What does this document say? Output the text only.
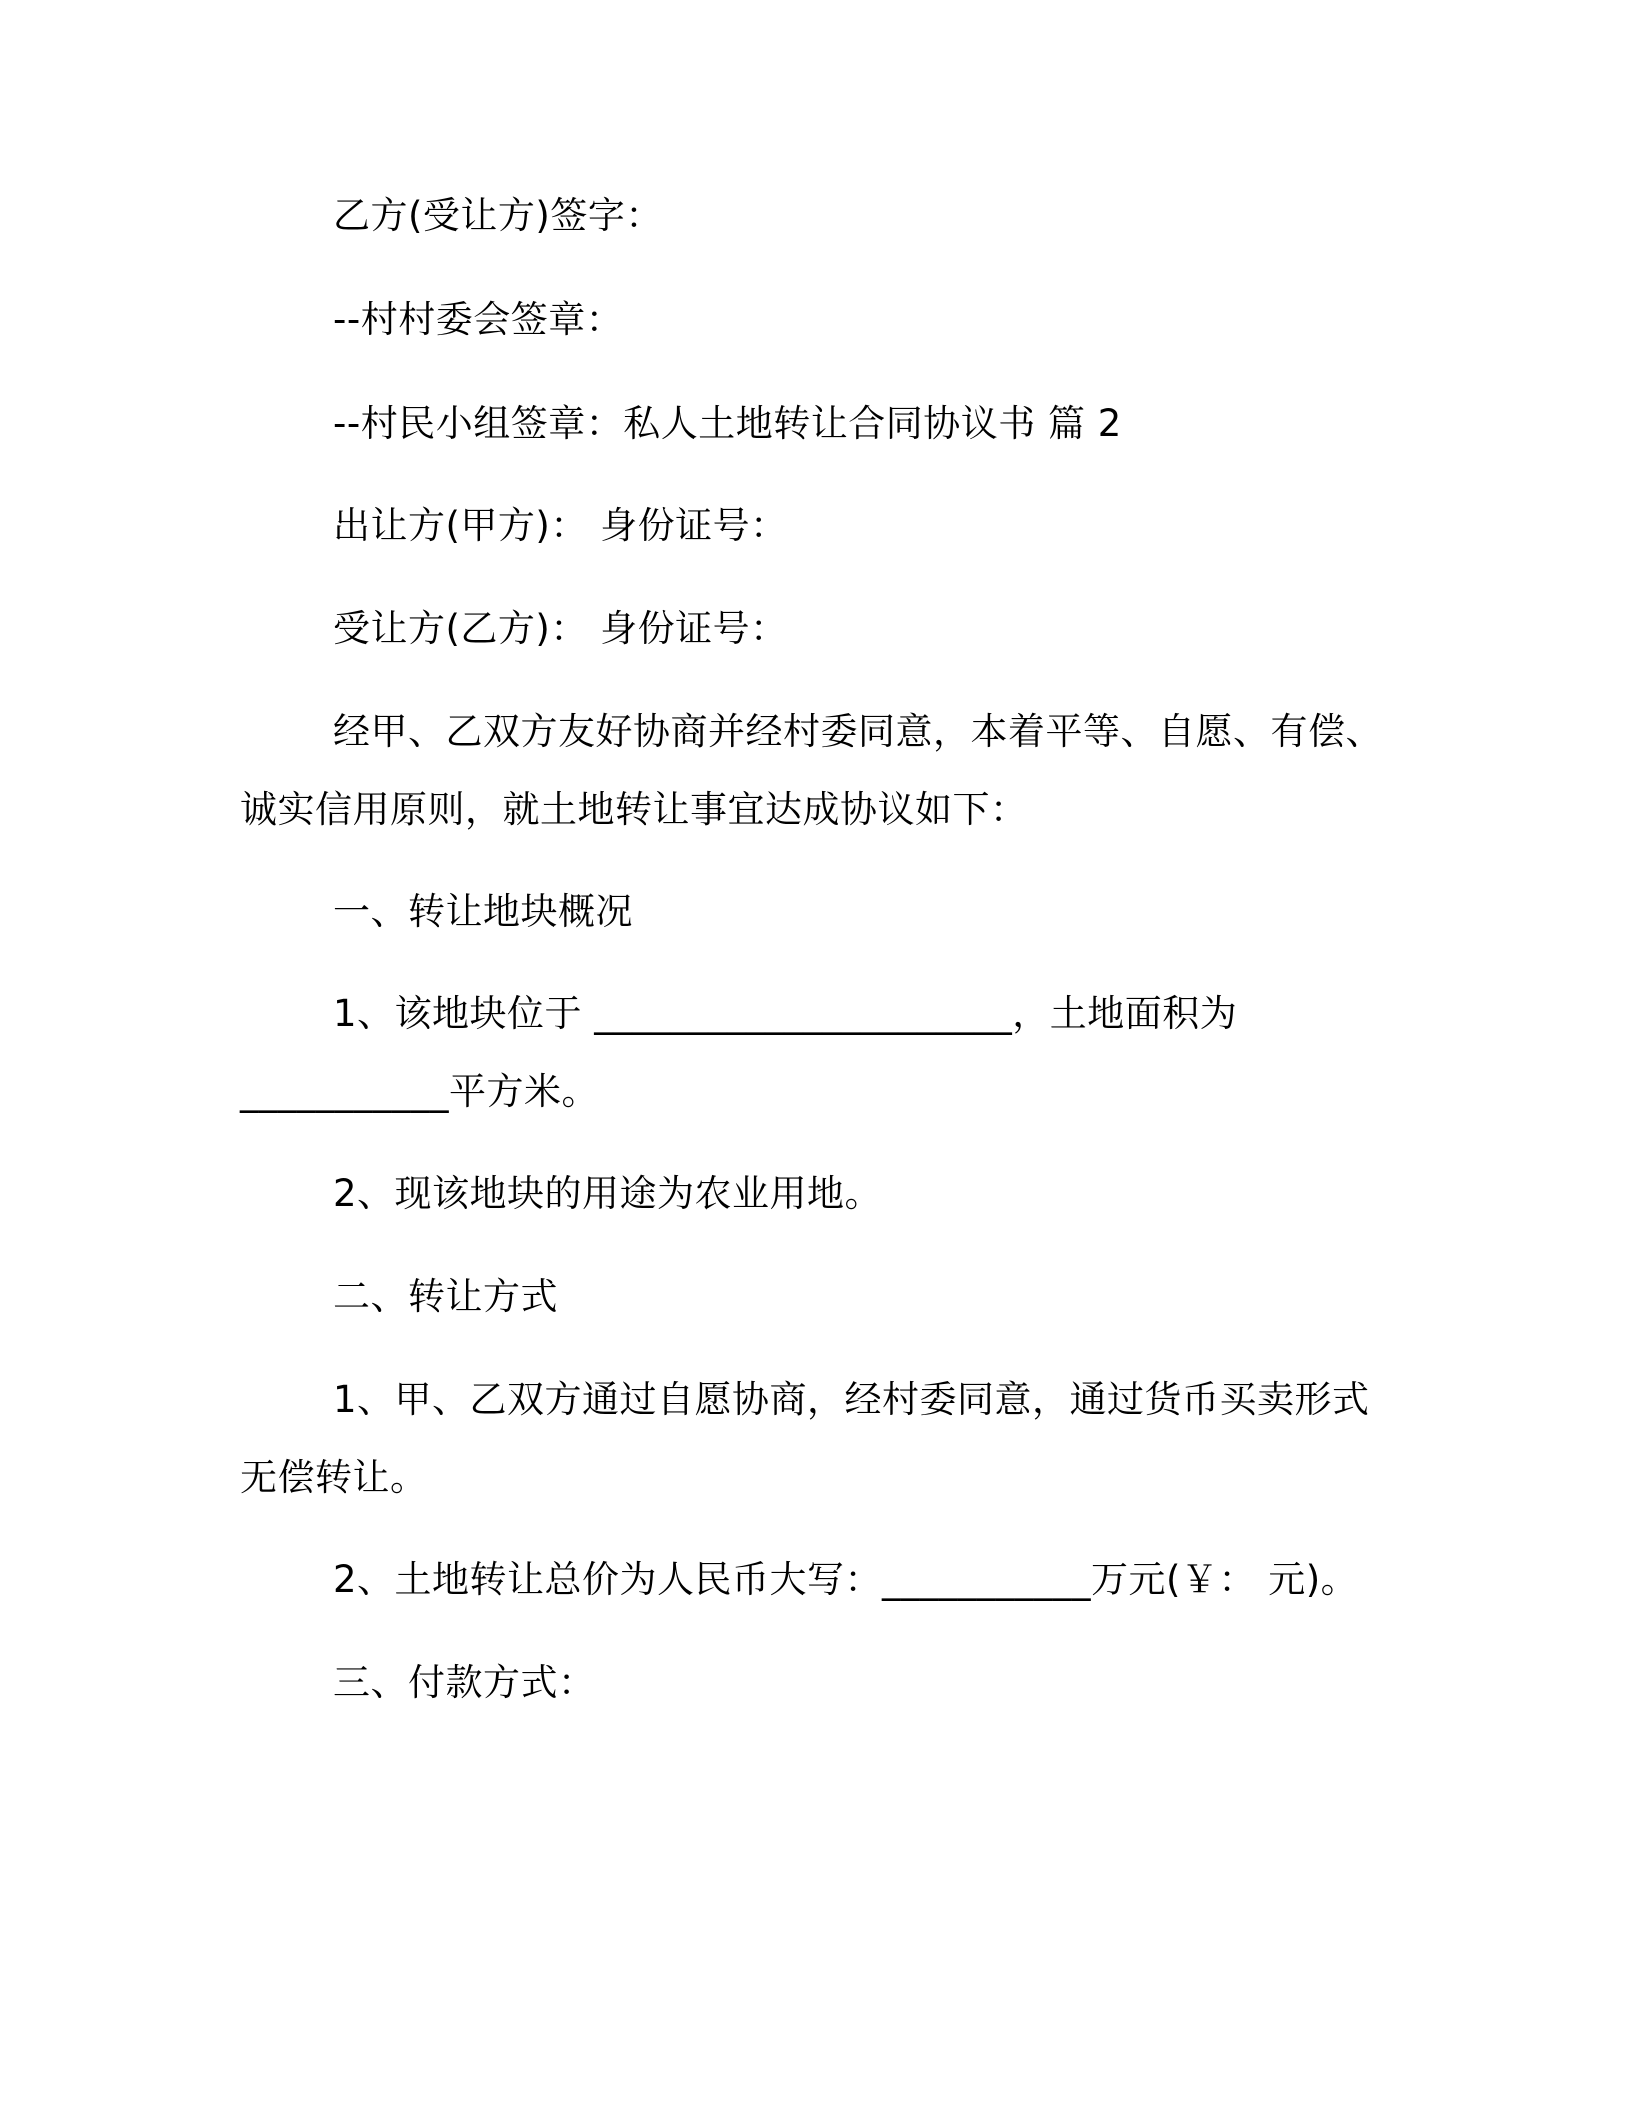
乙方(受让方)签字：
--村村委会签章：
--村民小组签章：私人土地转让合同协议书 篇 2
出让方(甲方)： 身份证号：
受让方(乙方)： 身份证号：
经甲、乙双方友好协商并经村委同意，本着平等、自愿、有偿、
诚实信用原则，就土地转让事宜达成协议如下：
一、转让地块概况
1、该地块位于 ______________________，土地面积为
___________平方米。
2、现该地块的用途为农业用地。
二、转让方式
1、甲、乙双方通过自愿协商，经村委同意，通过货币买卖形式
无偿转让。
2、土地转让总价为人民币大写：___________万元(￥： 元)。
三、付款方式：
